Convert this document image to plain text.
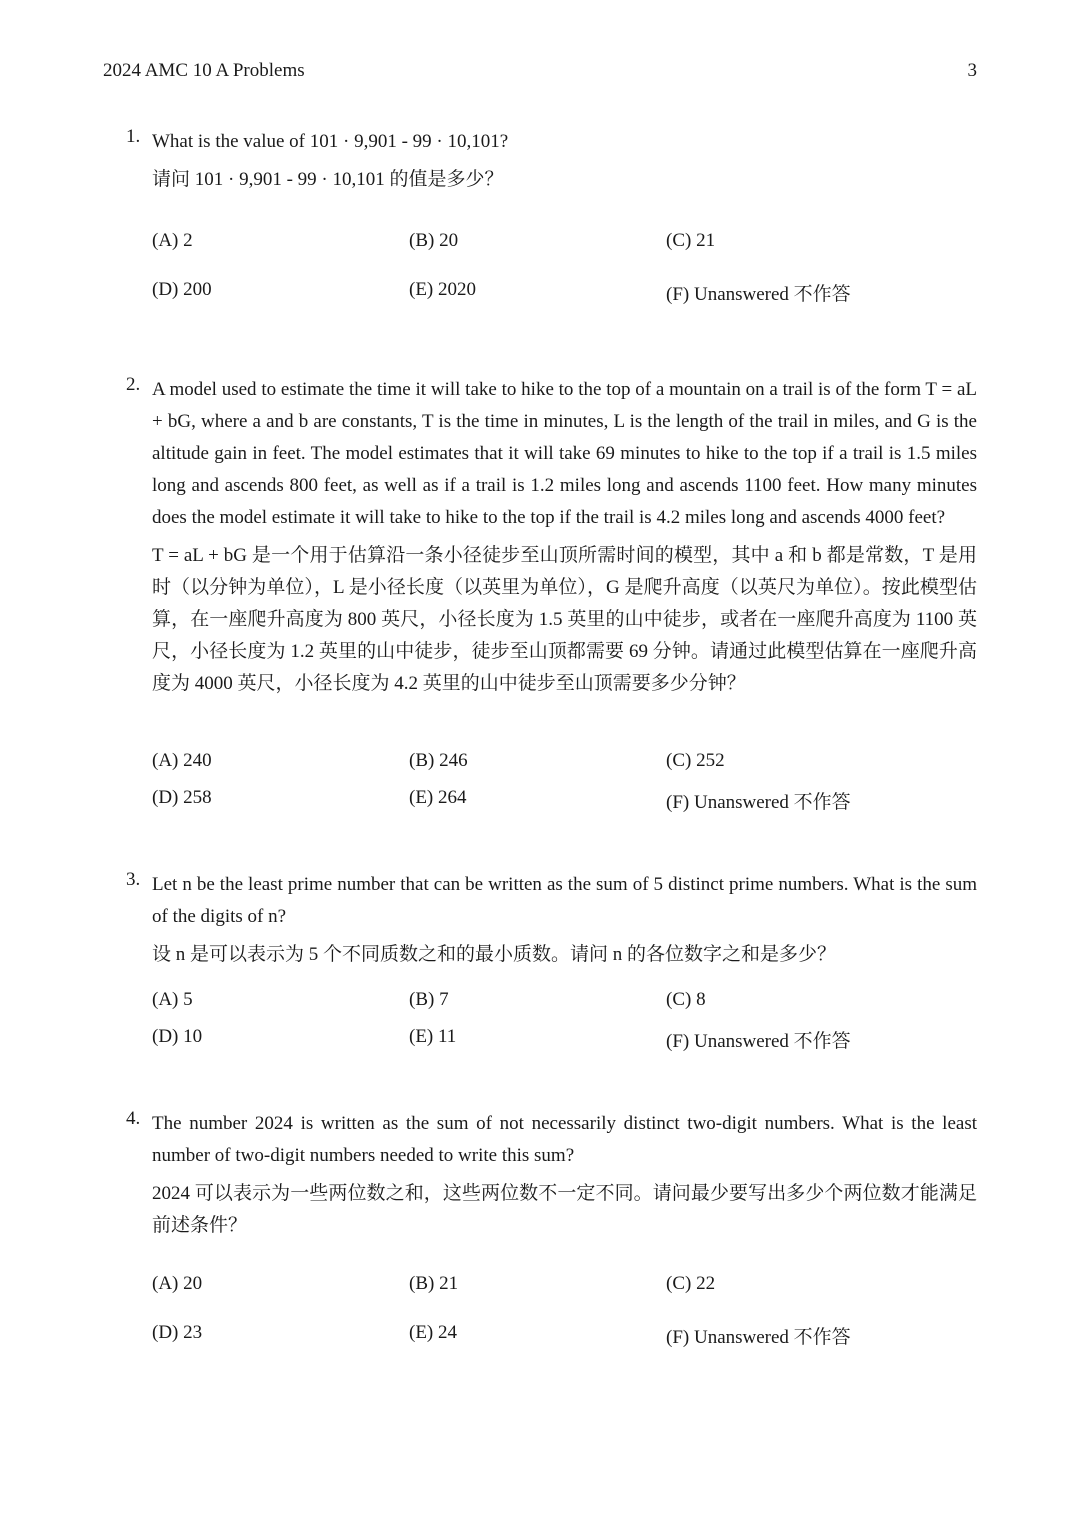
2024 AMC 10 A Problems	3
1. What is the value of 101 · 9,901 - 99 · 10,101?
请问 101 · 9,901 - 99 · 10,101 的值是多少？
(A) 2	(B) 20	(C) 21
(D) 200	(E) 2020	(F) Unanswered 不作答
2. A model used to estimate the time it will take to hike to the top of a mountain on a trail is of the form T = aL + bG, where a and b are constants, T is the time in minutes, L is the length of the trail in miles, and G is the altitude gain in feet. The model estimates that it will take 69 minutes to hike to the top if a trail is 1.5 miles long and ascends 800 feet, as well as if a trail is 1.2 miles long and ascends 1100 feet. How many minutes does the model estimate it will take to hike to the top if the trail is 4.2 miles long and ascends 4000 feet?
T = aL + bG 是一个用于估算沿一条小径徒步至山顶所需时间的模型，其中 a 和 b 都是常数，T 是用时（以分钟为单位），L 是小径长度（以英里为单位），G 是爬升高度（以英尺为单位）。按此模型估算，在一座爬升高度为 800 英尺，小径长度为 1.5 英里的山中徒步，或者在一座爬升高度为 1100 英尺，小径长度为 1.2 英里的山中徒步，徒步至山顶都需要 69 分钟。请通过此模型估算在一座爬升高度为 4000 英尺，小径长度为 4.2 英里的山中徒步至山顶需要多少分钟？
(A) 240	(B) 246	(C) 252
(D) 258	(E) 264	(F) Unanswered 不作答
3. Let n be the least prime number that can be written as the sum of 5 distinct prime numbers. What is the sum of the digits of n?
设 n 是可以表示为 5 个不同质数之和的最小质数。请问 n 的各位数字之和是多少？
(A) 5	(B) 7	(C) 8
(D) 10	(E) 11	(F) Unanswered 不作答
4. The number 2024 is written as the sum of not necessarily distinct two-digit numbers. What is the least number of two-digit numbers needed to write this sum?
2024 可以表示为一些两位数之和，这些两位数不一定不同。请问最少要写出多少个两位数才能满足前述条件？
(A) 20	(B) 21	(C) 22
(D) 23	(E) 24	(F) Unanswered 不作答
